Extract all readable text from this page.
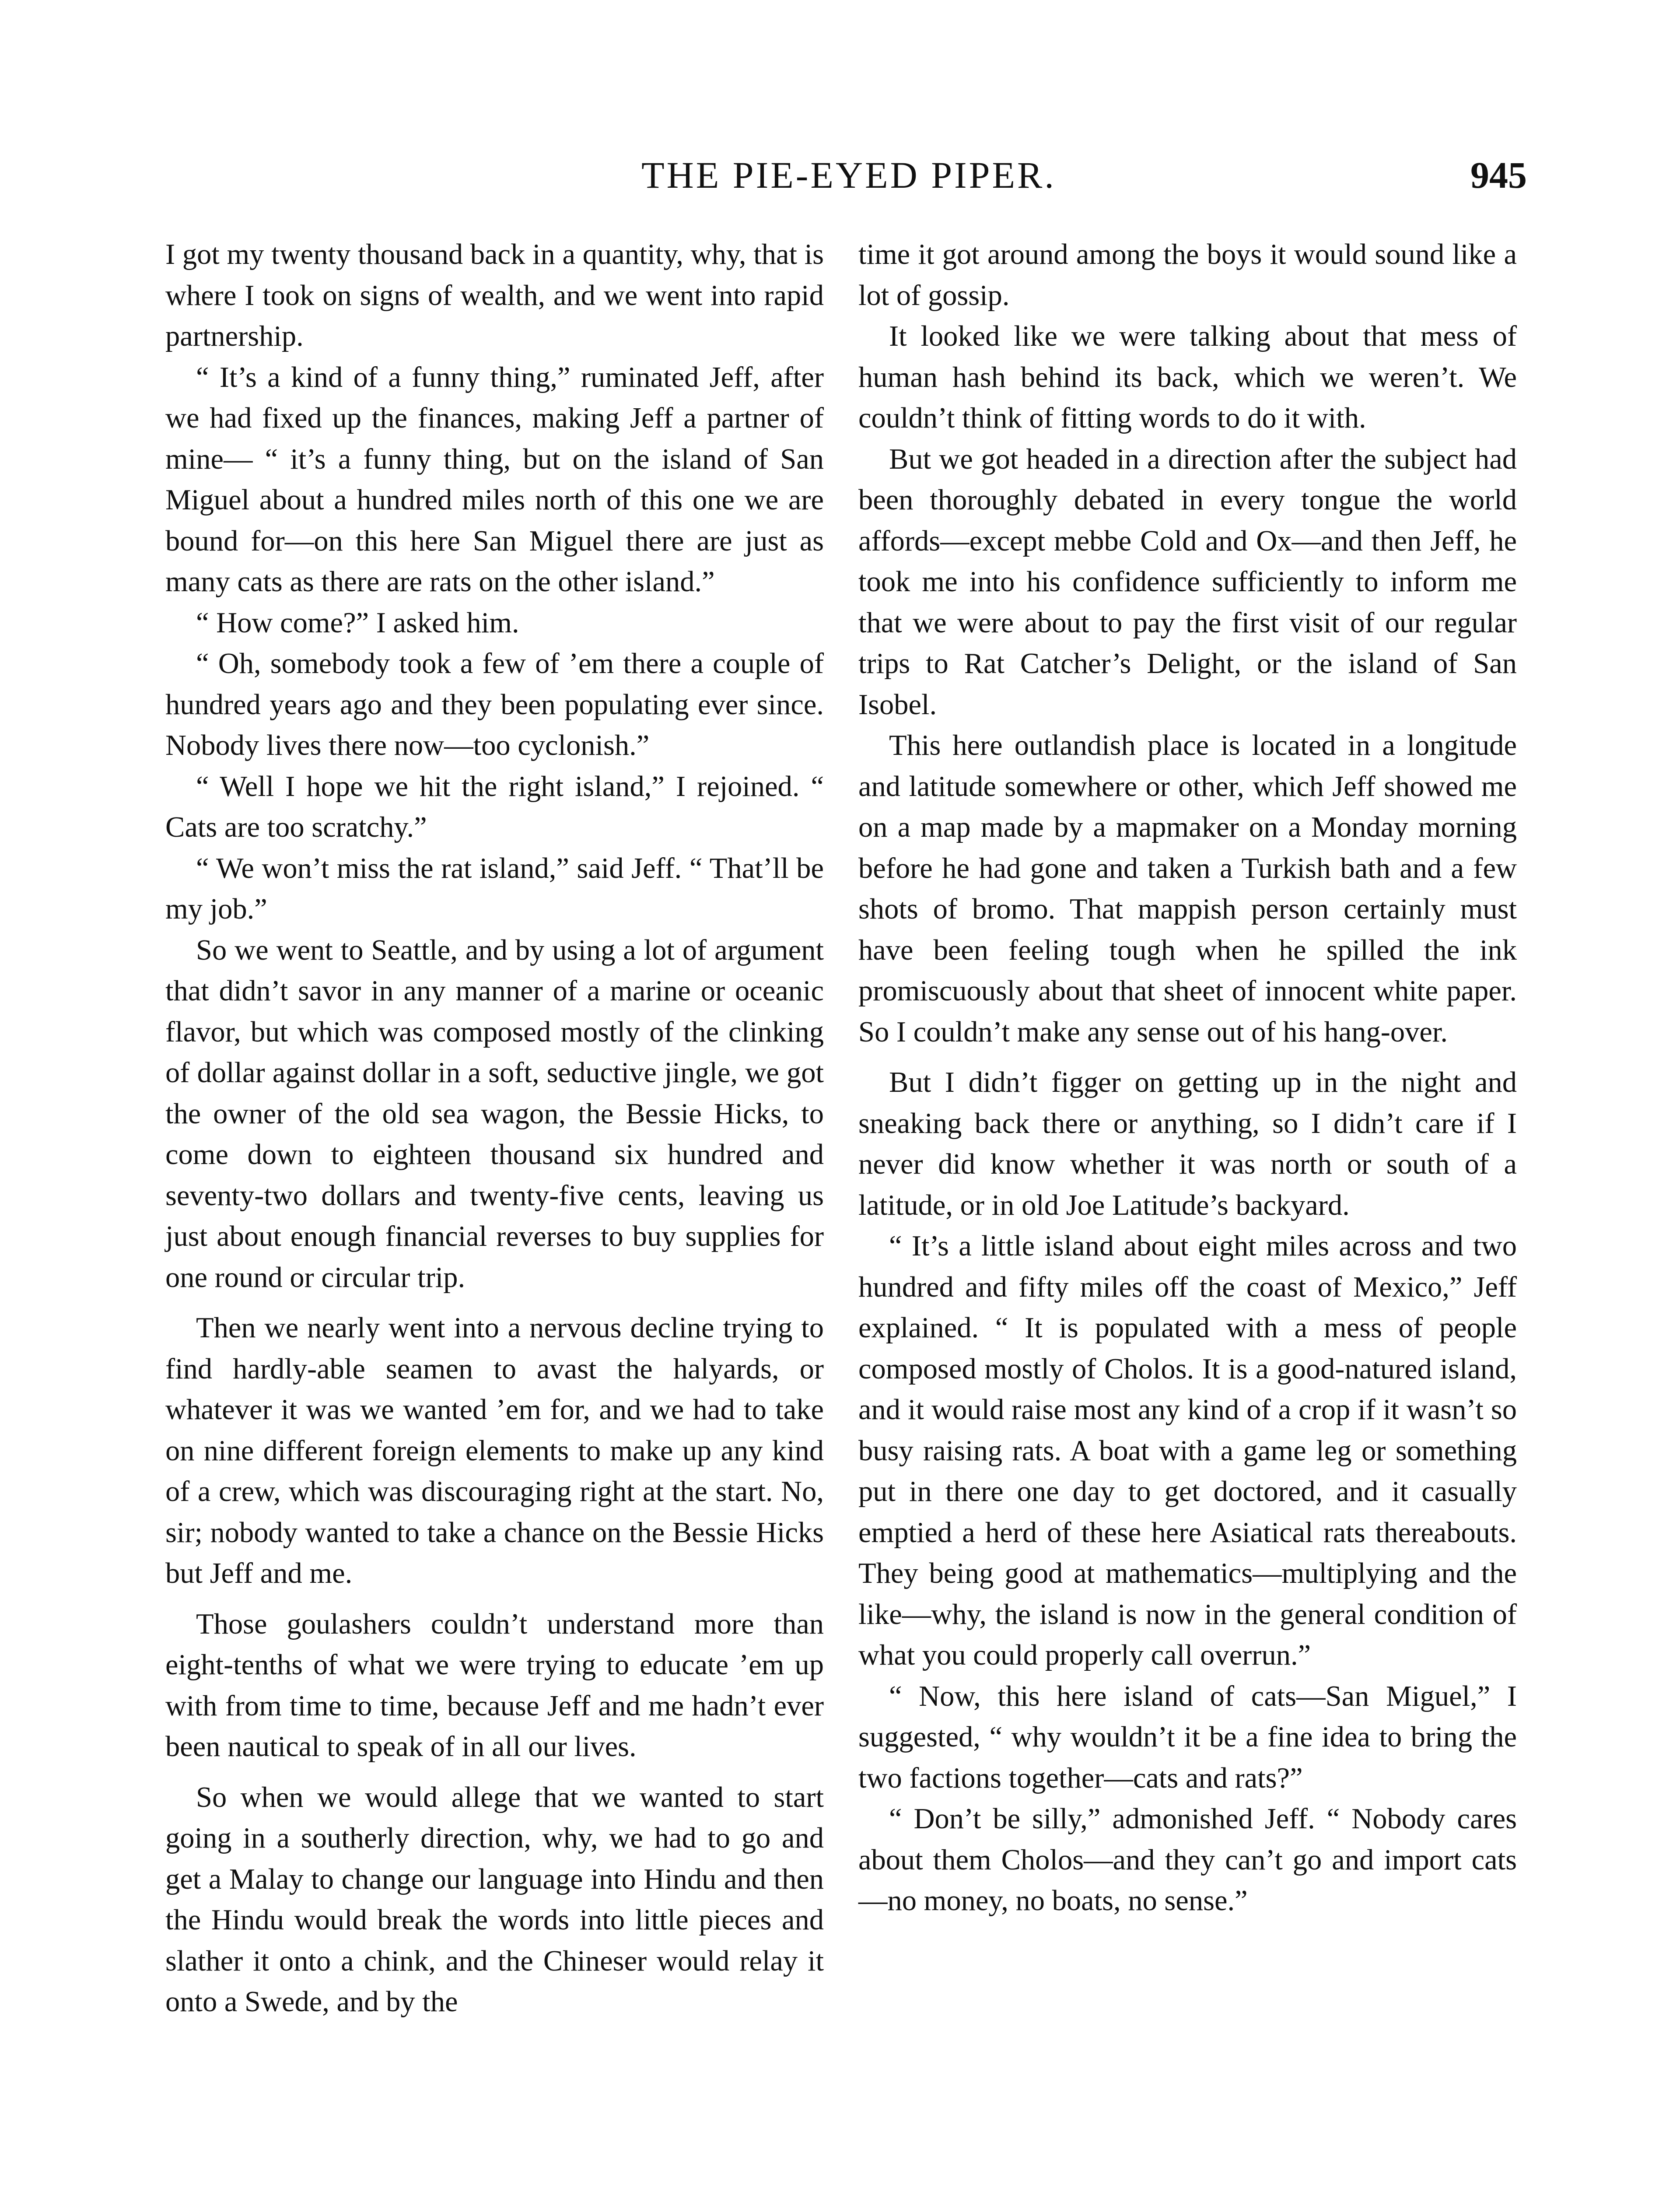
THE PIE-EYED PIPER.	945

I got my twenty thousand back in a quantity, why, that is where I took on signs of wealth, and we went into rapid partnership.

“ It’s a kind of a funny thing,” ruminated Jeff, after we had fixed up the finances, making Jeff a partner of mine— “ it’s a funny thing, but on the island of San Miguel about a hundred miles north of this one we are bound for—on this here San Miguel there are just as many cats as there are rats on the other island.”

“ How come?” I asked him.

“ Oh, somebody took a few of ’em there a couple of hundred years ago and they been populating ever since. Nobody lives there now—too cyclonish.”

“ Well I hope we hit the right island,” I rejoined. “ Cats are too scratchy.”

“ We won’t miss the rat island,” said Jeff. “ That’ll be my job.”

So we went to Seattle, and by using a lot of argument that didn’t savor in any manner of a marine or oceanic flavor, but which was composed mostly of the clinking of dollar against dollar in a soft, seductive jingle, we got the owner of the old sea wagon, the Bessie Hicks, to come down to eighteen thousand six hundred and seventy-two dollars and twenty-five cents, leaving us just about enough financial reverses to buy supplies for one round or circular trip.

Then we nearly went into a nervous decline trying to find hardly-able seamen to avast the halyards, or whatever it was we wanted ’em for, and we had to take on nine different foreign elements to make up any kind of a crew, which was discouraging right at the start. No, sir; nobody wanted to take a chance on the Bessie Hicks but Jeff and me.

Those goulashers couldn’t understand more than eight-tenths of what we were trying to educate ’em up with from time to time, because Jeff and me hadn’t ever been nautical to speak of in all our lives.

So when we would allege that we wanted to start going in a southerly direction, why, we had to go and get a Malay to change our language into Hindu and then the Hindu would break the words into little pieces and slather it onto a chink, and the Chineser would relay it onto a Swede, and by the

time it got around among the boys it would sound like a lot of gossip.

It looked like we were talking about that mess of human hash behind its back, which we weren’t. We couldn’t think of fitting words to do it with.

But we got headed in a direction after the subject had been thoroughly debated in every tongue the world affords—except mebbe Cold and Ox—and then Jeff, he took me into his confidence sufficiently to inform me that we were about to pay the first visit of our regular trips to Rat Catcher’s Delight, or the island of San Isobel.

This here outlandish place is located in a longitude and latitude somewhere or other, which Jeff showed me on a map made by a mapmaker on a Monday morning before he had gone and taken a Turkish bath and a few shots of bromo. That mappish person certainly must have been feeling tough when he spilled the ink promiscuously about that sheet of innocent white paper. So I couldn’t make any sense out of his hang-over.

But I didn’t figger on getting up in the night and sneaking back there or anything, so I didn’t care if I never did know whether it was north or south of a latitude, or in old Joe Latitude’s backyard.

“ It’s a little island about eight miles across and two hundred and fifty miles off the coast of Mexico,” Jeff explained. “ It is populated with a mess of people composed mostly of Cholos. It is a good-natured island, and it would raise most any kind of a crop if it wasn’t so busy raising rats. A boat with a game leg or something put in there one day to get doctored, and it casually emptied a herd of these here Asiatical rats thereabouts. They being good at mathematics—multiplying and the like—why, the island is now in the general condition of what you could properly call overrun.”

“ Now, this here island of cats—San Miguel,” I suggested, “ why wouldn’t it be a fine idea to bring the two factions together—cats and rats?”

“ Don’t be silly,” admonished Jeff. “ Nobody cares about them Cholos—and they can’t go and import cats—no money, no boats, no sense.”
